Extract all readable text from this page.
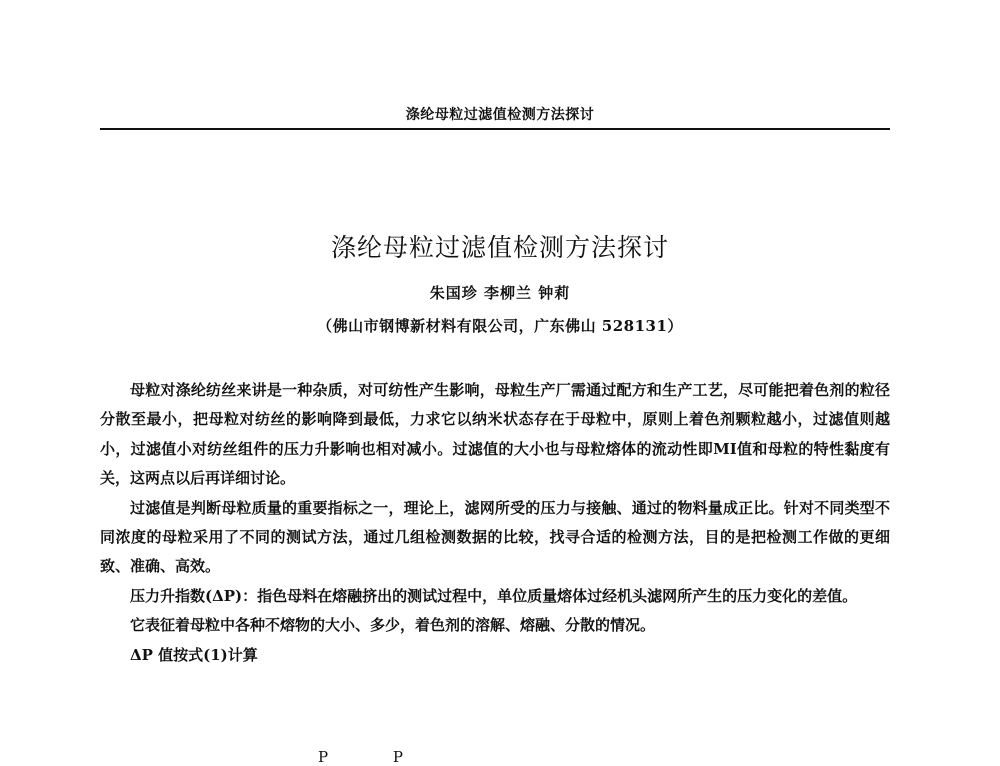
涤纶母粒过滤值检测方法探讨
涤纶母粒过滤值检测方法探讨
朱国珍 李柳兰 钟莉
（佛山市钢博新材料有限公司，广东佛山 528131）

母粒对涤纶纺丝来讲是一种杂质，对可纺性产生影响，母粒生产厂需通过配方和生产工艺，尽可能把着色剂的粒径分散至最小，把母粒对纺丝的影响降到最低，力求它以纳米状态存在于母粒中，原则上着色剂颗粒越小，过滤值则越小，过滤值小对纺丝组件的压力升影响也相对减小。过滤值的大小也与母粒熔体的流动性即MI值和母粒的特性黏度有关，这两点以后再详细讨论。

过滤值是判断母粒质量的重要指标之一，理论上，滤网所受的压力与接触、通过的物料量成正比。针对不同类型不同浓度的母粒采用了不同的测试方法，通过几组检测数据的比较，找寻合适的检测方法，目的是把检测工作做的更细致、准确、高效。

压力升指数(ΔP)：指色母料在熔融挤出的测试过程中，单位质量熔体过经机头滤网所产生的压力变化的差值。

它表征着母粒中各种不熔物的大小、多少，着色剂的溶解、熔融、分散的情况。

ΔP 值按式(1)计算

P P
